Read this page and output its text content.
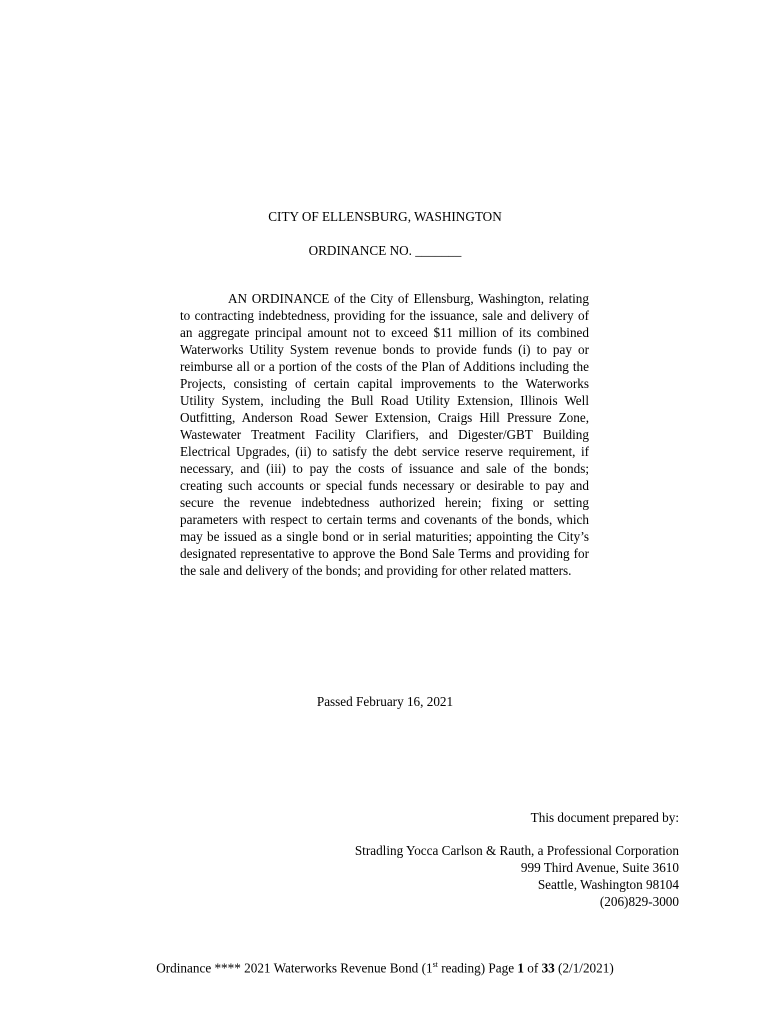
CITY OF ELLENSBURG, WASHINGTON
ORDINANCE NO. _______
AN ORDINANCE of the City of Ellensburg, Washington, relating to contracting indebtedness, providing for the issuance, sale and delivery of an aggregate principal amount not to exceed $11 million of its combined Waterworks Utility System revenue bonds to provide funds (i) to pay or reimburse all or a portion of the costs of the Plan of Additions including the Projects, consisting of certain capital improvements to the Waterworks Utility System, including the Bull Road Utility Extension, Illinois Well Outfitting, Anderson Road Sewer Extension, Craigs Hill Pressure Zone, Wastewater Treatment Facility Clarifiers, and Digester/GBT Building Electrical Upgrades, (ii) to satisfy the debt service reserve requirement, if necessary, and (iii) to pay the costs of issuance and sale of the bonds; creating such accounts or special funds necessary or desirable to pay and secure the revenue indebtedness authorized herein; fixing or setting parameters with respect to certain terms and covenants of the bonds, which may be issued as a single bond or in serial maturities; appointing the City’s designated representative to approve the Bond Sale Terms and providing for the sale and delivery of the bonds; and providing for other related matters.
Passed February 16, 2021
This document prepared by:
Stradling Yocca Carlson & Rauth, a Professional Corporation
999 Third Avenue, Suite 3610
Seattle, Washington 98104
(206)829-3000
Ordinance **** 2021 Waterworks Revenue Bond (1st reading) Page 1 of 33 (2/1/2021)
